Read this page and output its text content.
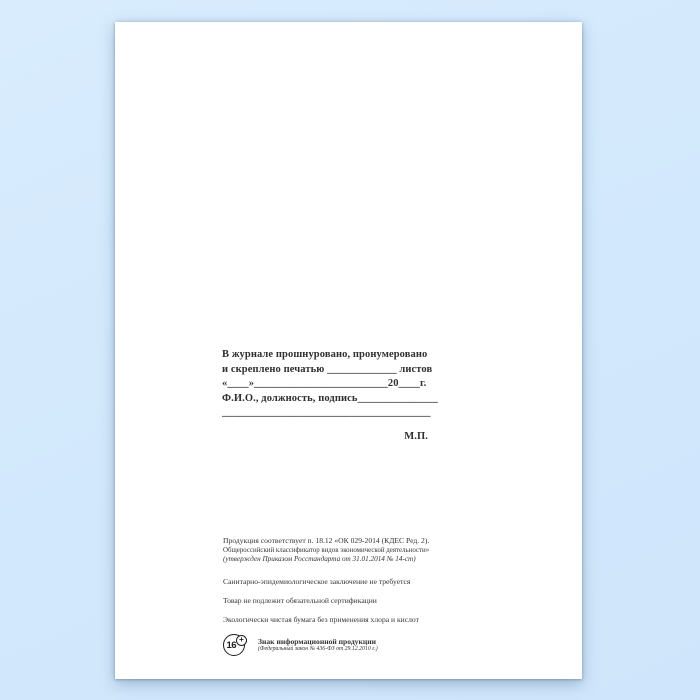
В журнале прошнуровано, пронумеровано
и скреплено печатью _____________ листов
«____»_________________________20____г.
Ф.И.О., должность, подпись_______________
_______________________________________
М.П.
Продукция соответствует п. 18.12 «ОК 029-2014 (КДЕС Ред. 2).
Общероссийский классификатор видов экономической деятельности»
(утвержден Приказом Росстандарта от 31.01.2014 № 14-ст)
Санитарно-эпидемиологическое заключение не требуется
Товар не подлежит обязательной сертификации
Экологически чистая бумага без применения хлора и кислот
16 +	Знак информационной продукции
(Федеральный закон № 436-ФЗ от 29.12.2010 г.)
